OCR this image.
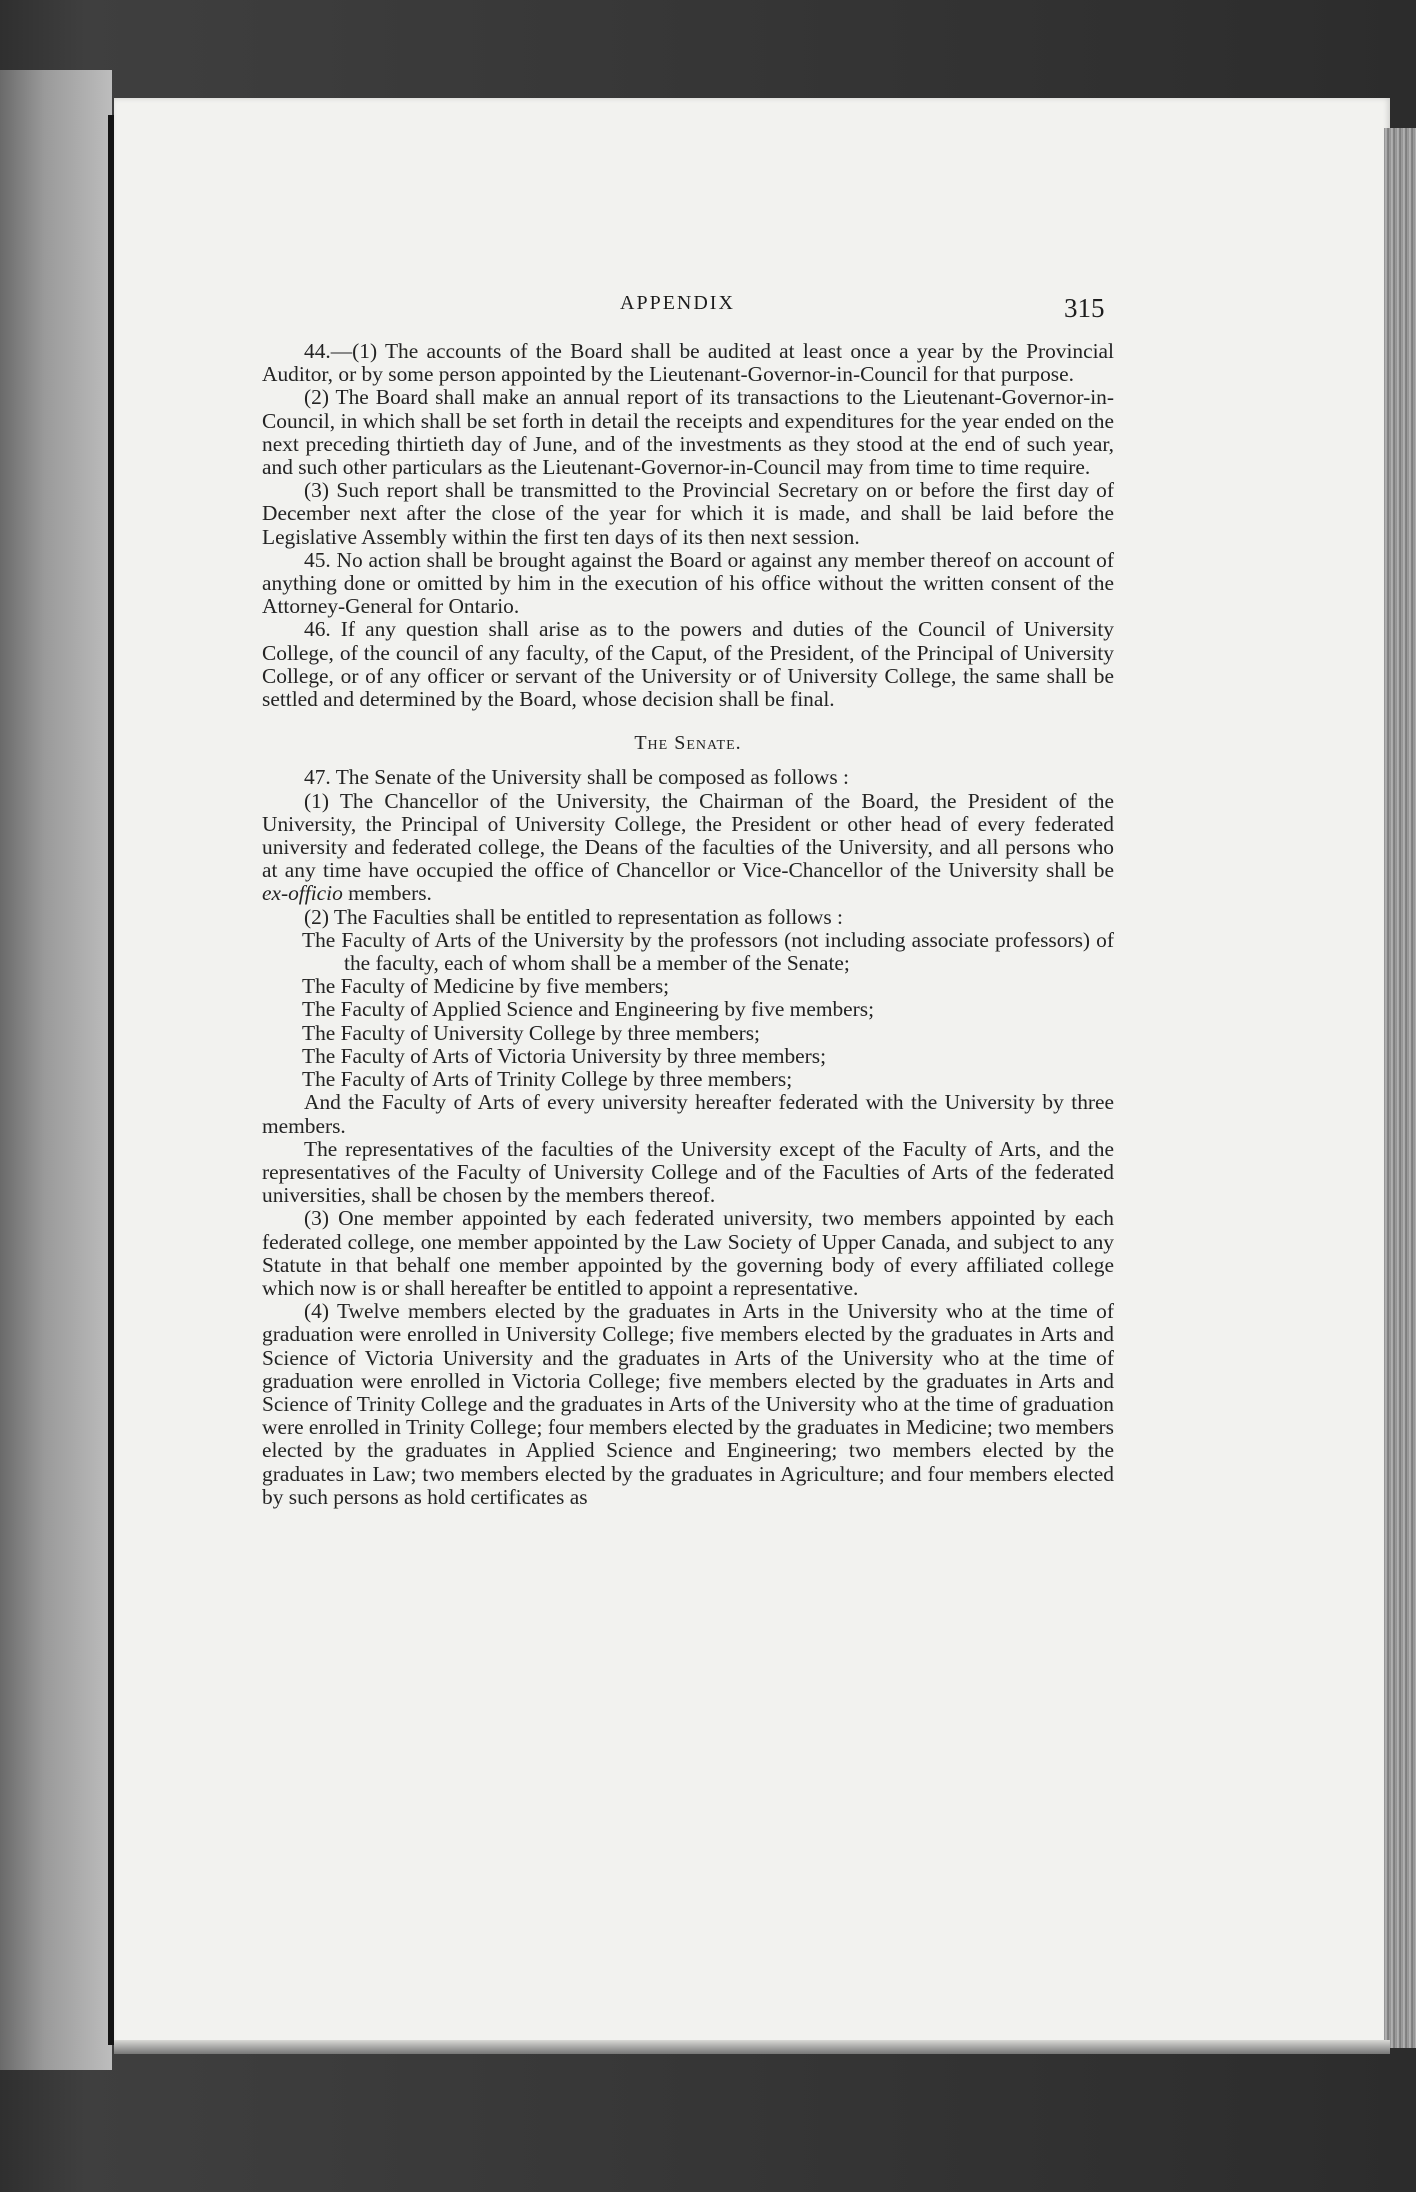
APPENDIX	315

44.—(1) The accounts of the Board shall be audited at least once a year by the Provincial Auditor, or by some person appointed by the Lieutenant-Governor-in-Council for that purpose.

(2) The Board shall make an annual report of its transactions to the Lieutenant-Governor-in-Council, in which shall be set forth in detail the receipts and expenditures for the year ended on the next preceding thirtieth day of June, and of the investments as they stood at the end of such year, and such other particulars as the Lieutenant-Governor-in-Council may from time to time require.

(3) Such report shall be transmitted to the Provincial Secretary on or before the first day of December next after the close of the year for which it is made, and shall be laid before the Legislative Assembly within the first ten days of its then next session.

45. No action shall be brought against the Board or against any member thereof on account of anything done or omitted by him in the execution of his office without the written consent of the Attorney-General for Ontario.

46. If any question shall arise as to the powers and duties of the Council of University College, of the council of any faculty, of the Caput, of the President, of the Principal of University College, or of any officer or servant of the University or of University College, the same shall be settled and determined by the Board, whose decision shall be final.

The Senate.

47. The Senate of the University shall be composed as follows :

(1) The Chancellor of the University, the Chairman of the Board, the President of the University, the Principal of University College, the President or other head of every federated university and federated college, the Deans of the faculties of the University, and all persons who at any time have occupied the office of Chancellor or Vice-Chancellor of the University shall be ex-officio members.

(2) The Faculties shall be entitled to representation as follows :

The Faculty of Arts of the University by the professors (not including associate professors) of the faculty, each of whom shall be a member of the Senate;

The Faculty of Medicine by five members;

The Faculty of Applied Science and Engineering by five members;

The Faculty of University College by three members;

The Faculty of Arts of Victoria University by three members;

The Faculty of Arts of Trinity College by three members;

And the Faculty of Arts of every university hereafter federated with the University by three members.

The representatives of the faculties of the University except of the Faculty of Arts, and the representatives of the Faculty of University College and of the Faculties of Arts of the federated universities, shall be chosen by the members thereof.

(3) One member appointed by each federated university, two members appointed by each federated college, one member appointed by the Law Society of Upper Canada, and subject to any Statute in that behalf one member appointed by the governing body of every affiliated college which now is or shall hereafter be entitled to appoint a representative.

(4) Twelve members elected by the graduates in Arts in the University who at the time of graduation were enrolled in University College; five members elected by the graduates in Arts and Science of Victoria University and the graduates in Arts of the University who at the time of graduation were enrolled in Victoria College; five members elected by the graduates in Arts and Science of Trinity College and the graduates in Arts of the University who at the time of graduation were enrolled in Trinity College; four members elected by the graduates in Medicine; two members elected by the graduates in Applied Science and Engineering; two members elected by the graduates in Law; two members elected by the graduates in Agriculture; and four members elected by such persons as hold certificates as
